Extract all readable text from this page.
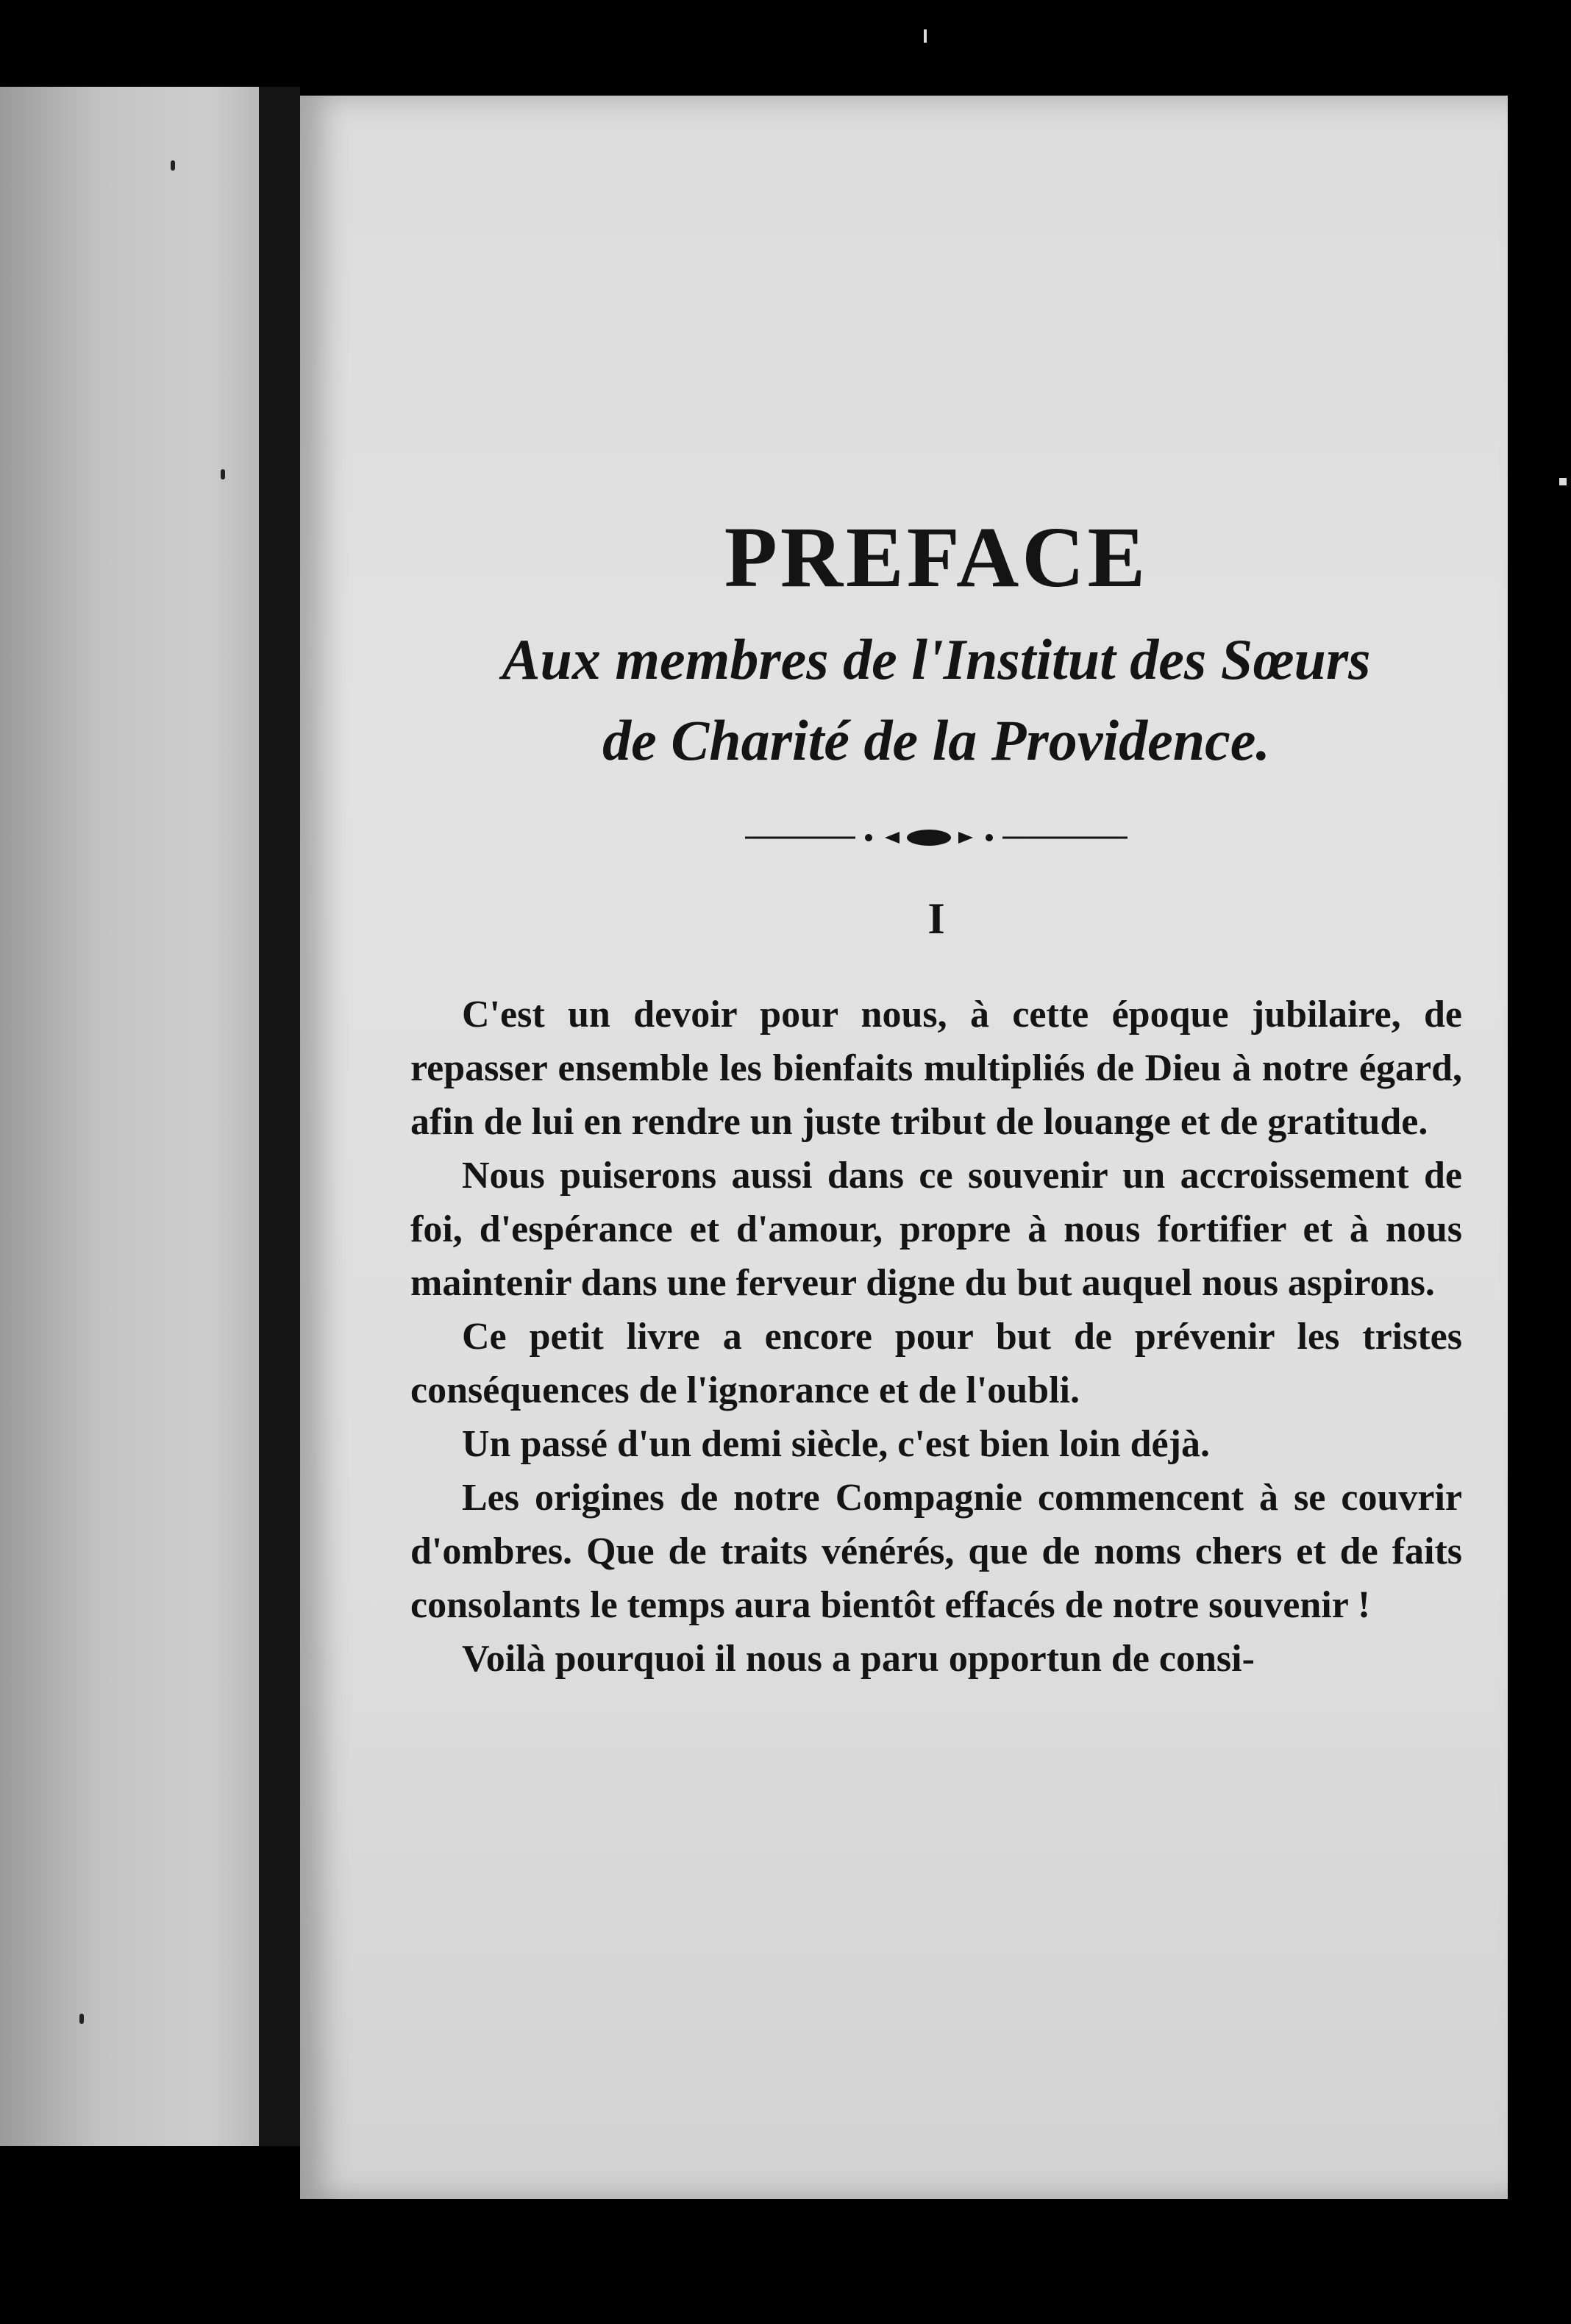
PREFACE
Aux membres de l'Institut des Sœurs
de Charité de la Providence.
I

C'est un devoir pour nous, à cette époque jubilaire, de repasser ensemble les bienfaits multipliés de Dieu à notre égard, afin de lui en rendre un juste tribut de louange et de gratitude.

Nous puiserons aussi dans ce souvenir un accroissement de foi, d'espérance et d'amour, propre à nous fortifier et à nous maintenir dans une ferveur digne du but auquel nous aspirons.

Ce petit livre a encore pour but de prévenir les tristes conséquences de l'ignorance et de l'oubli.

Un passé d'un demi siècle, c'est bien loin déjà.

Les origines de notre Compagnie commencent à se couvrir d'ombres. Que de traits vénérés, que de noms chers et de faits consolants le temps aura bientôt effacés de notre souvenir !

Voilà pourquoi il nous a paru opportun de consi-
